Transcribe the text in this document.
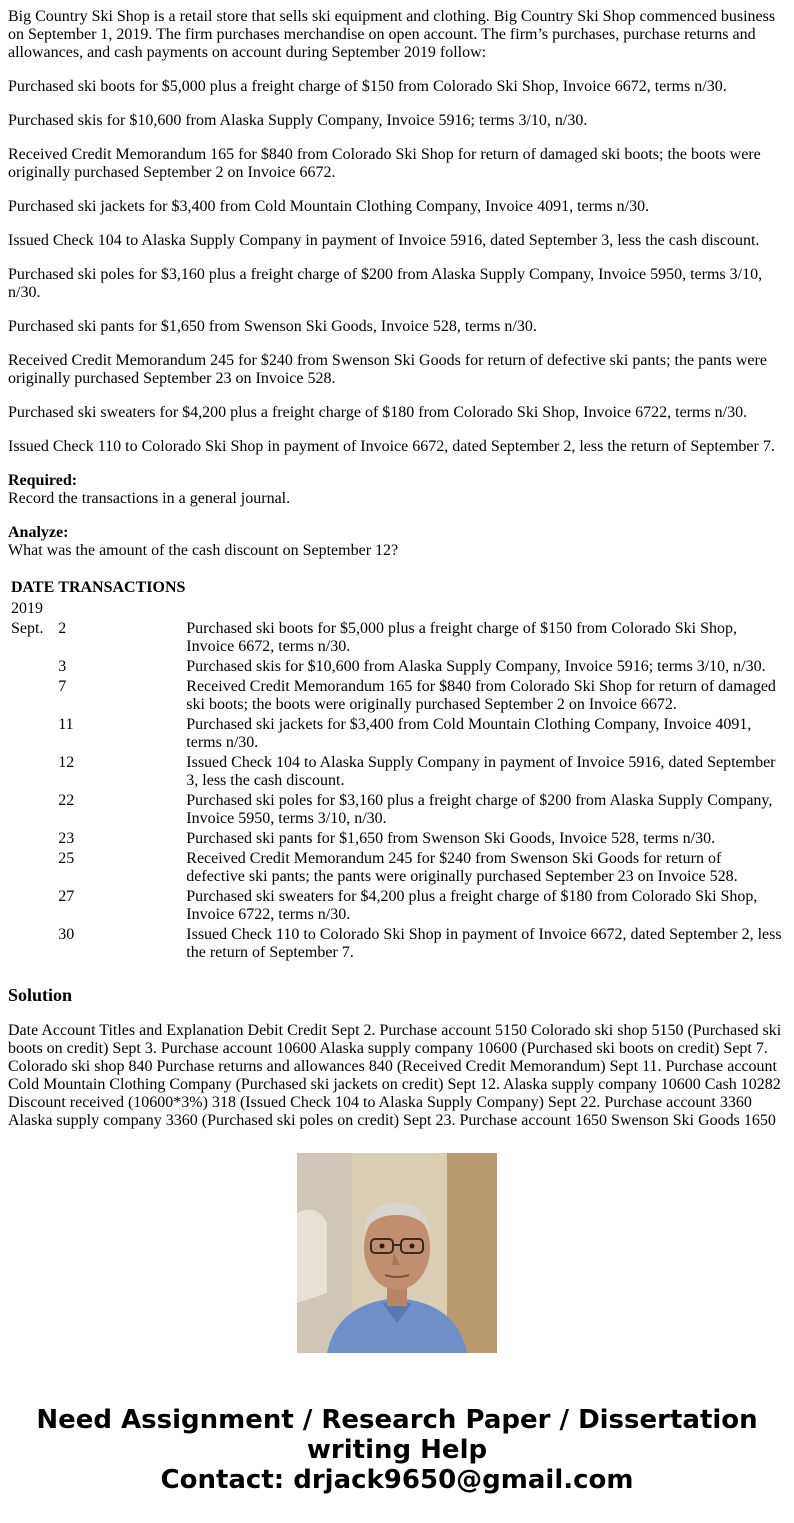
Big Country Ski Shop is a retail store that sells ski equipment and clothing. Big Country Ski Shop commenced business on September 1, 2019. The firm purchases merchandise on open account. The firm’s purchases, purchase returns and allowances, and cash payments on account during September 2019 follow:

Purchased ski boots for $5,000 plus a freight charge of $150 from Colorado Ski Shop, Invoice 6672, terms n/30.

Purchased skis for $10,600 from Alaska Supply Company, Invoice 5916; terms 3/10, n/30.

Received Credit Memorandum 165 for $840 from Colorado Ski Shop for return of damaged ski boots; the boots were originally purchased September 2 on Invoice 6672.

Purchased ski jackets for $3,400 from Cold Mountain Clothing Company, Invoice 4091, terms n/30.

Issued Check 104 to Alaska Supply Company in payment of Invoice 5916, dated September 3, less the cash discount.

Purchased ski poles for $3,160 plus a freight charge of $200 from Alaska Supply Company, Invoice 5950, terms 3/10, n/30.

Purchased ski pants for $1,650 from Swenson Ski Goods, Invoice 528, terms n/30.

Received Credit Memorandum 245 for $240 from Swenson Ski Goods for return of defective ski pants; the pants were originally purchased September 23 on Invoice 528.

Purchased ski sweaters for $4,200 plus a freight charge of $180 from Colorado Ski Shop, Invoice 6722, terms n/30.

Issued Check 110 to Colorado Ski Shop in payment of Invoice 6672, dated September 2, less the return of September 7.

Required:
Record the transactions in a general journal.

Analyze:
What was the amount of the cash discount on September 12?

DATE	TRANSACTIONS	
2019		
Sept.	2	Purchased ski boots for $5,000 plus a freight charge of $150 from Colorado Ski Shop, Invoice 6672, terms n/30.
	3	Purchased skis for $10,600 from Alaska Supply Company, Invoice 5916; terms 3/10, n/30.
	7	Received Credit Memorandum 165 for $840 from Colorado Ski Shop for return of damaged ski boots; the boots were originally purchased September 2 on Invoice 6672.
	11	Purchased ski jackets for $3,400 from Cold Mountain Clothing Company, Invoice 4091, terms n/30.
	12	Issued Check 104 to Alaska Supply Company in payment of Invoice 5916, dated September 3, less the cash discount.
	22	Purchased ski poles for $3,160 plus a freight charge of $200 from Alaska Supply Company, Invoice 5950, terms 3/10, n/30.
	23	Purchased ski pants for $1,650 from Swenson Ski Goods, Invoice 528, terms n/30.
	25	Received Credit Memorandum 245 for $240 from Swenson Ski Goods for return of defective ski pants; the pants were originally purchased September 23 on Invoice 528.
	27	Purchased ski sweaters for $4,200 plus a freight charge of $180 from Colorado Ski Shop, Invoice 6722, terms n/30.
	30	Issued Check 110 to Colorado Ski Shop in payment of Invoice 6672, dated September 2, less the return of September 7.
Solution
Date Account Titles and Explanation Debit Credit Sept 2. Purchase account 5150 Colorado ski shop 5150 (Purchased ski boots on credit) Sept 3. Purchase account 10600 Alaska supply company 10600 (Purchased ski boots on credit) Sept 7. Colorado ski shop 840 Purchase returns and allowances 840 (Received Credit Memorandum) Sept 11. Purchase account Cold Mountain Clothing Company (Purchased ski jackets on credit) Sept 12. Alaska supply company 10600 Cash 10282 Discount received (10600*3%) 318 (Issued Check 104 to Alaska Supply Company) Sept 22. Purchase account 3360 Alaska supply company 3360 (Purchased ski poles on credit) Sept 23. Purchase account 1650 Swenson Ski Goods 1650
Need Assignment / Research Paper / Dissertation writing Help
Contact: drjack9650@gmail.com
